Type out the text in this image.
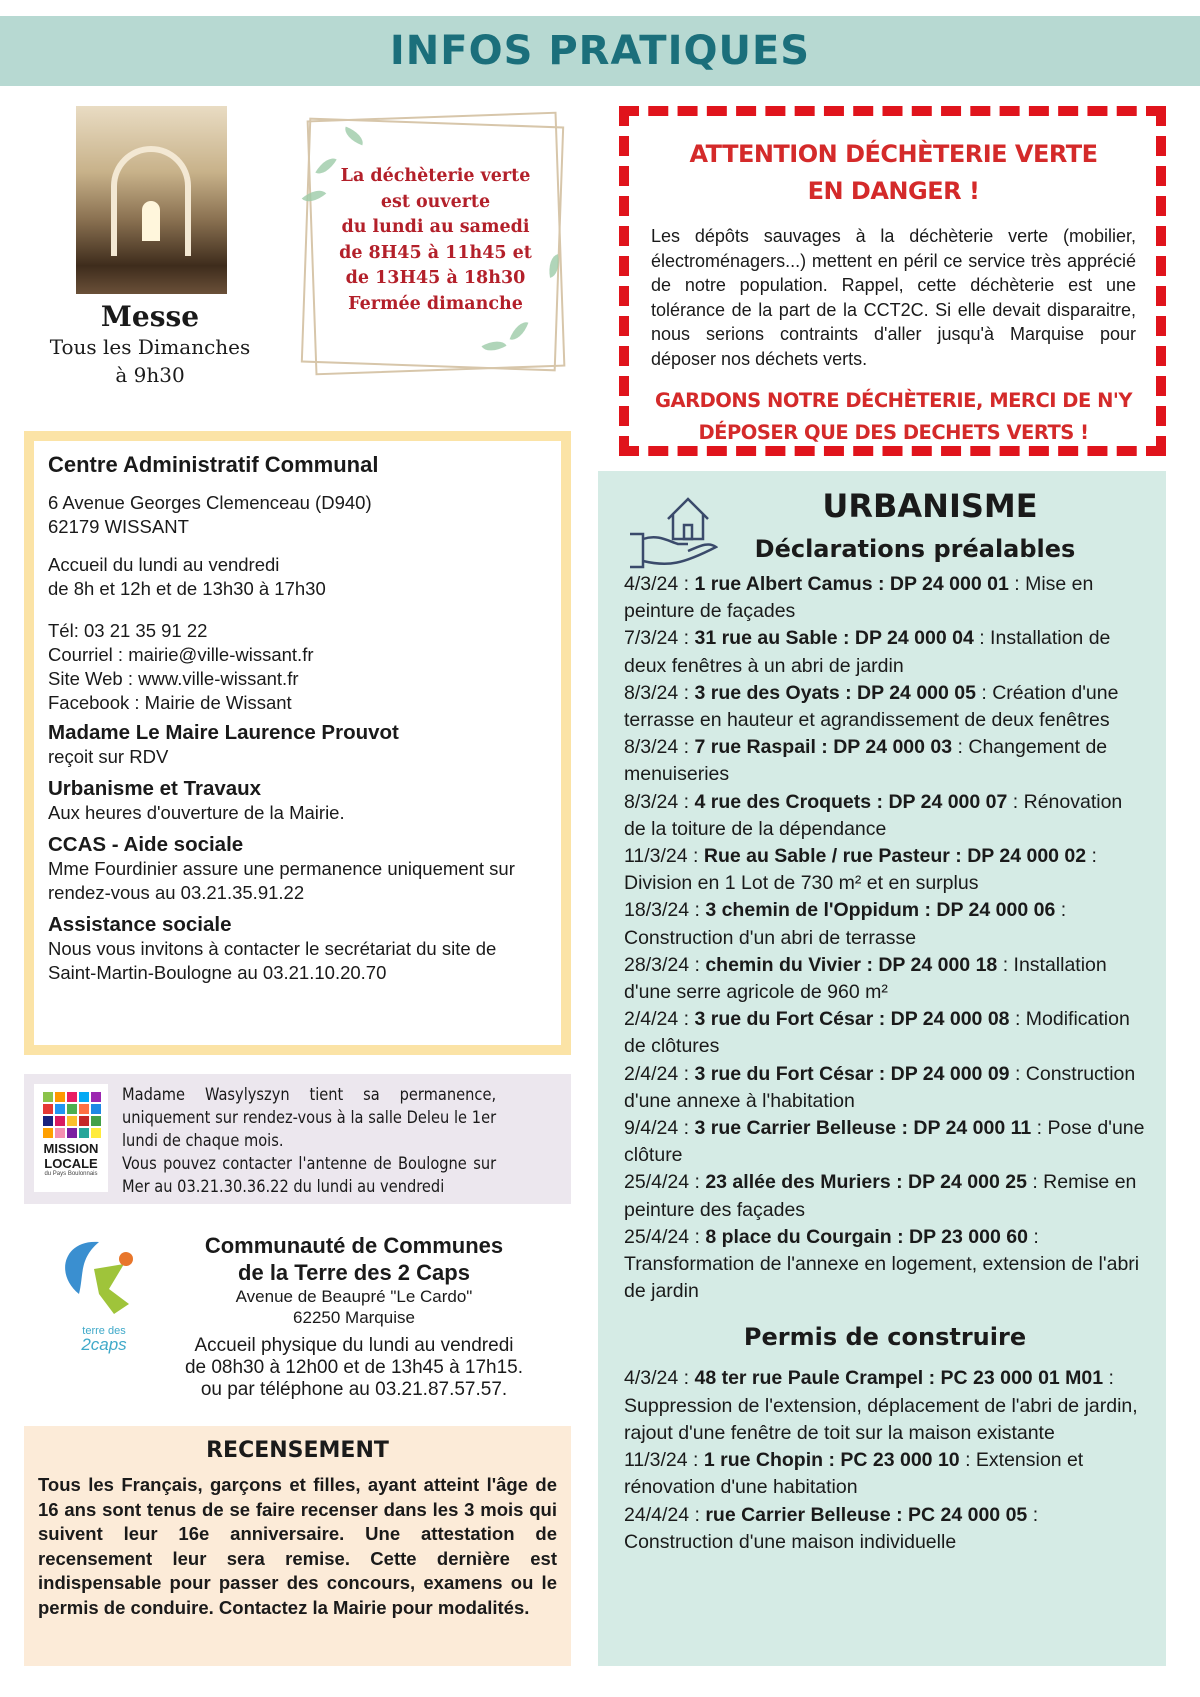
INFOS PRATIQUES
Messe
Tous les Dimanches
à 9h30
La déchèterie verte
est ouverte
du lundi au samedi
de 8H45 à 11h45 et
de 13H45 à 18h30
Fermée dimanche
ATTENTION DÉCHÈTERIE VERTE
EN DANGER !
Les dépôts sauvages à la déchèterie verte (mobilier, électroménagers...) mettent en péril ce service très apprécié de notre population. Rappel, cette déchèterie est une tolérance de la part de la CCT2C. Si elle devait disparaitre, nous serions contraints d'aller jusqu'à Marquise pour déposer nos déchets verts.
GARDONS NOTRE DÉCHÈTERIE, MERCI DE N'Y
DÉPOSER QUE DES DECHETS VERTS !
Centre Administratif Communal
6 Avenue Georges Clemenceau (D940)
62179 WISSANT
Accueil du lundi au vendredi
de 8h et 12h et de 13h30 à 17h30
Tél: 03 21 35 91 22
Courriel : mairie@ville-wissant.fr
Site Web : www.ville-wissant.fr
Facebook : Mairie de Wissant
Madame Le Maire Laurence Prouvot
reçoit sur RDV
Urbanisme et Travaux
Aux heures d'ouverture de la Mairie.
CCAS - Aide sociale
Mme Fourdinier assure une permanence uniquement sur rendez-vous au 03.21.35.91.22
Assistance sociale
Nous vous invitons à contacter le secrétariat du site de Saint-Martin-Boulogne au 03.21.10.20.70
MISSION
LOCALE
du Pays Boulonnais
Madame Wasylyszyn tient sa permanence, uniquement sur rendez-vous à la salle Deleu le 1er lundi de chaque mois.
Vous pouvez contacter l'antenne de Boulogne sur Mer au 03.21.30.36.22 du lundi au vendredi
terre des
2caps
Communauté de Communes
de la Terre des 2 Caps
Avenue de Beaupré "Le Cardo"
62250 Marquise
Accueil physique du lundi au vendredi
de 08h30 à 12h00 et de 13h45 à 17h15.
ou par téléphone au 03.21.87.57.57.
RECENSEMENT
Tous les Français, garçons et filles, ayant atteint l'âge de 16 ans sont tenus de se faire recenser dans les 3 mois qui suivent leur 16e anniversaire. Une attestation de recensement leur sera remise. Cette dernière est indispensable pour passer des concours, examens ou le permis de conduire. Contactez la Mairie pour modalités.
URBANISME
Déclarations préalables
4/3/24 : 1 rue Albert Camus : DP 24 000 01 : Mise en peinture de façades
7/3/24 : 31 rue au Sable : DP 24 000 04 : Installation de deux fenêtres à un abri de jardin
8/3/24 : 3 rue des Oyats : DP 24 000 05 : Création d'une terrasse en hauteur et agrandissement de deux fenêtres
8/3/24 : 7 rue Raspail : DP 24 000 03 : Changement de menuiseries
8/3/24 : 4 rue des Croquets : DP 24 000 07 : Rénovation de la toiture de la dépendance
11/3/24 : Rue au Sable / rue Pasteur : DP 24 000 02 : Division en 1 Lot de 730 m² et en surplus
18/3/24 : 3 chemin de l'Oppidum : DP 24 000 06 : Construction d'un abri de terrasse
28/3/24 : chemin du Vivier : DP 24 000 18 : Installation d'une serre agricole de 960 m²
2/4/24 : 3 rue du Fort César : DP 24 000 08 : Modification de clôtures
2/4/24 : 3 rue du Fort César : DP 24 000 09 : Construction d'une annexe à l'habitation
9/4/24 : 3 rue Carrier Belleuse : DP 24 000 11 : Pose d'une clôture
25/4/24 : 23 allée des Muriers : DP 24 000 25 : Remise en peinture des façades
25/4/24 : 8 place du Courgain : DP 23 000 60 : Transformation de l'annexe en logement, extension de l'abri de jardin
Permis de construire
4/3/24 : 48 ter rue Paule Crampel : PC 23 000 01 M01 : Suppression de l'extension, déplacement de l'abri de jardin, rajout d'une fenêtre de toit sur la maison existante
11/3/24 : 1 rue Chopin : PC 23 000 10 : Extension et rénovation d'une habitation
24/4/24 : rue Carrier Belleuse : PC 24 000 05 : Construction d'une maison individuelle
